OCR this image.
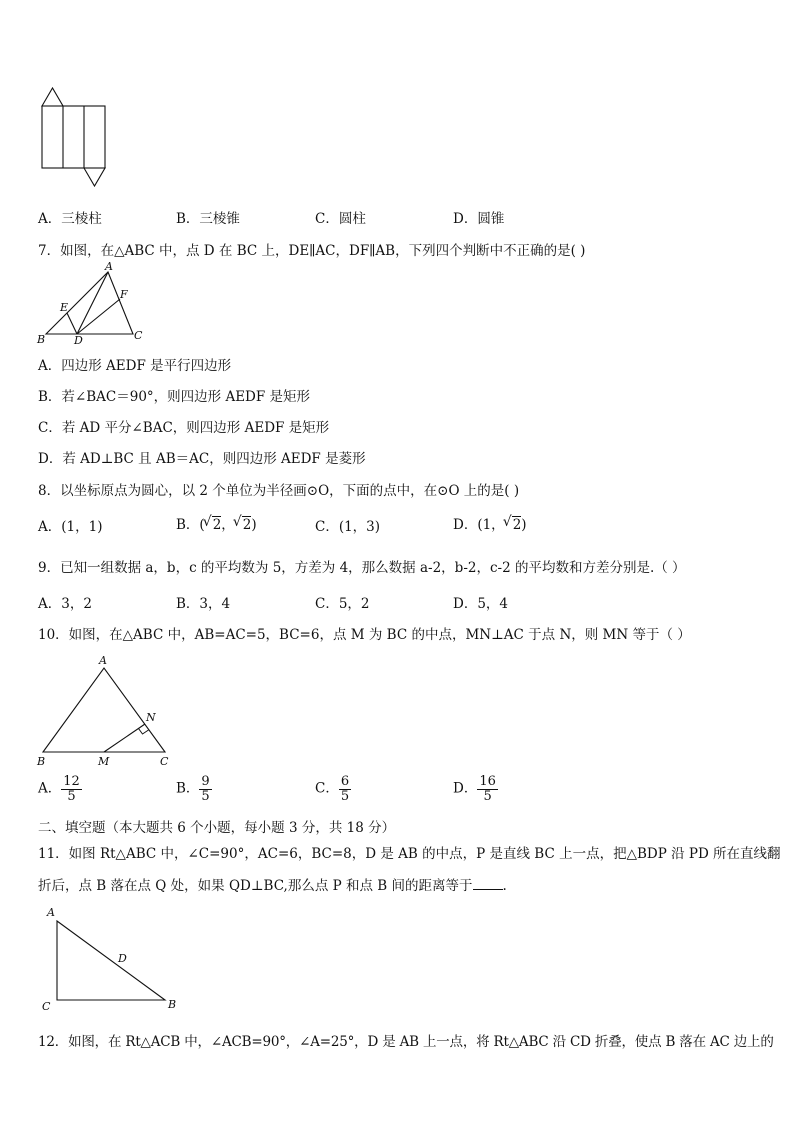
A．三棱柱	B．三棱锥	C．圆柱	D．圆锥
7．如图，在△ABC 中，点 D 在 BC 上，DE∥AC，DF∥AB，下列四个判断中不正确的是( )
A
E
F
B	D	C
A．四边形 AEDF 是平行四边形
B．若∠BAC＝90°，则四边形 AEDF 是矩形
C．若 AD 平分∠BAC，则四边形 AEDF 是矩形
D．若 AD⊥BC 且 AB＝AC，则四边形 AEDF 是菱形
8．以坐标原点为圆心，以 2 个单位为半径画⊙O，下面的点中，在⊙O 上的是( )
A．(1，1)	B．( √ 2， √ 2)	C．(1，3)	D．(1， √ 2)
9．已知一组数据 a，b，c 的平均数为 5，方差为 4，那么数据 a-2，b-2，c-2 的平均数和方差分别是.（ ）
A．3，2	B．3，4	C．5，2	D．5，4
10．如图，在△ABC 中，AB=AC=5，BC=6，点 M 为 BC 的中点，MN⊥AC 于点 N，则 MN 等于（ ）
A
N
B	M	C
A． $\frac{12}{5}$	B． $\frac{9}{5}$	C． $\frac{6}{5}$	D． $\frac{16}{5}$
二、填空题（本大题共 6 个小题，每小题 3 分，共 18 分）
11．如图 Rt△ABC 中，∠C=90°，AC=6，BC=8，D 是 AB 的中点，P 是直线 BC 上一点，把△BDP 沿 PD 所在直线翻
折后，点 B 落在点 Q 处，如果 QD⊥BC,那么点 P 和点 B 间的距离等于 .
A
D
C	B
12．如图，在 Rt△ACB 中，∠ACB=90°，∠A=25°，D 是 AB 上一点，将 Rt△ABC 沿 CD 折叠，使点 B 落在 AC 边上的
